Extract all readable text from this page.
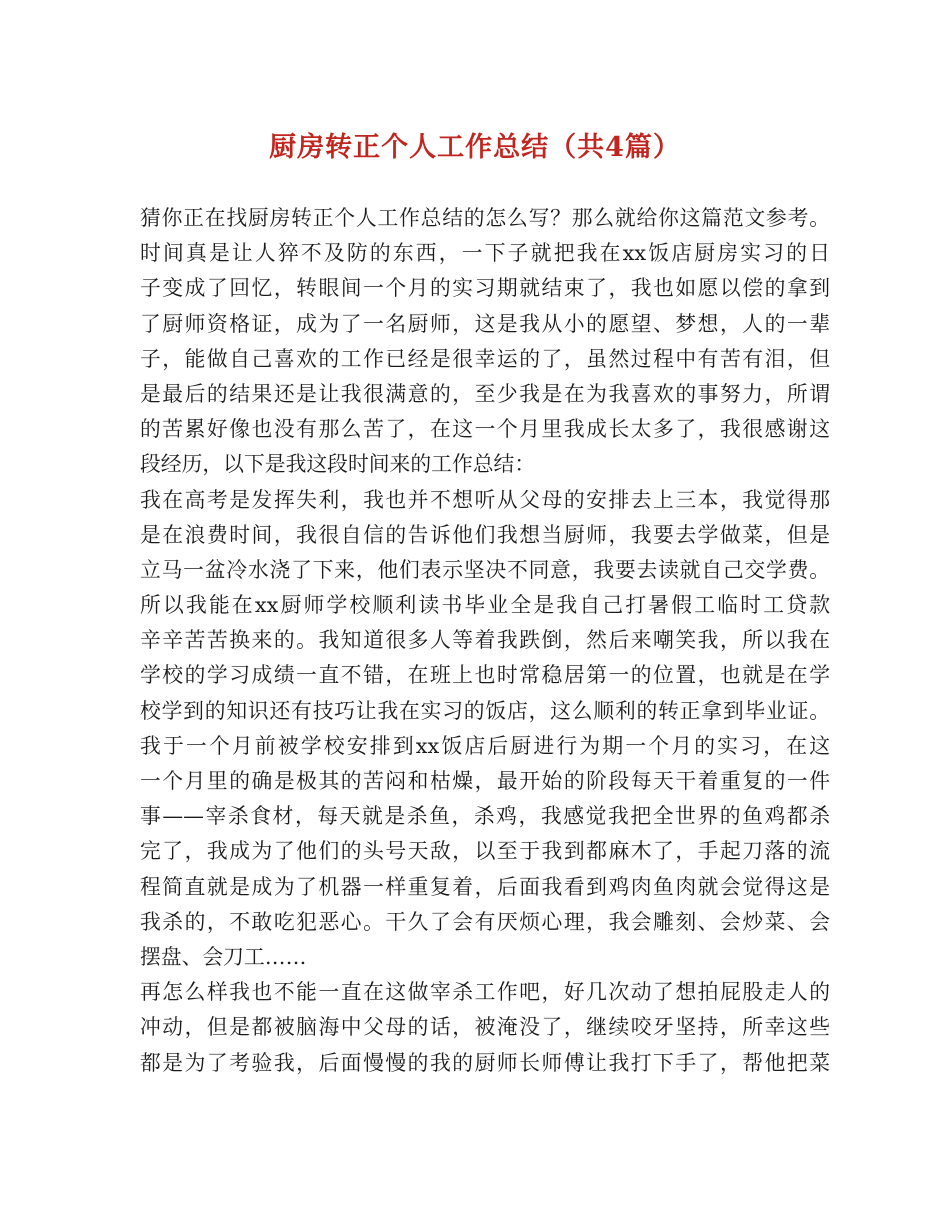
厨房转正个人工作总结（共4篇）
猜你正在找厨房转正个人工作总结的怎么写？那么就给你这篇范文参考。
时间真是让人猝不及防的东西，一下子就把我在xx饭店厨房实习的日
子变成了回忆，转眼间一个月的实习期就结束了，我也如愿以偿的拿到
了厨师资格证，成为了一名厨师，这是我从小的愿望、梦想，人的一辈
子，能做自己喜欢的工作已经是很幸运的了，虽然过程中有苦有泪，但
是最后的结果还是让我很满意的，至少我是在为我喜欢的事努力，所谓
的苦累好像也没有那么苦了，在这一个月里我成长太多了，我很感谢这
段经历，以下是我这段时间来的工作总结：
我在高考是发挥失利，我也并不想听从父母的安排去上三本，我觉得那
是在浪费时间，我很自信的告诉他们我想当厨师，我要去学做菜，但是
立马一盆冷水浇了下来，他们表示坚决不同意，我要去读就自己交学费。
所以我能在xx厨师学校顺利读书毕业全是我自己打暑假工临时工贷款
辛辛苦苦换来的。我知道很多人等着我跌倒，然后来嘲笑我，所以我在
学校的学习成绩一直不错，在班上也时常稳居第一的位置，也就是在学
校学到的知识还有技巧让我在实习的饭店，这么顺利的转正拿到毕业证。
我于一个月前被学校安排到xx饭店后厨进行为期一个月的实习，在这
一个月里的确是极其的苦闷和枯燥，最开始的阶段每天干着重复的一件
事——宰杀食材，每天就是杀鱼，杀鸡，我感觉我把全世界的鱼鸡都杀
完了，我成为了他们的头号天敌，以至于我到都麻木了，手起刀落的流
程简直就是成为了机器一样重复着，后面我看到鸡肉鱼肉就会觉得这是
我杀的，不敢吃犯恶心。干久了会有厌烦心理，我会雕刻、会炒菜、会
摆盘、会刀工……
再怎么样我也不能一直在这做宰杀工作吧，好几次动了想拍屁股走人的
冲动，但是都被脑海中父母的话，被淹没了，继续咬牙坚持，所幸这些
都是为了考验我，后面慢慢的我的厨师长师傅让我打下手了，帮他把菜
